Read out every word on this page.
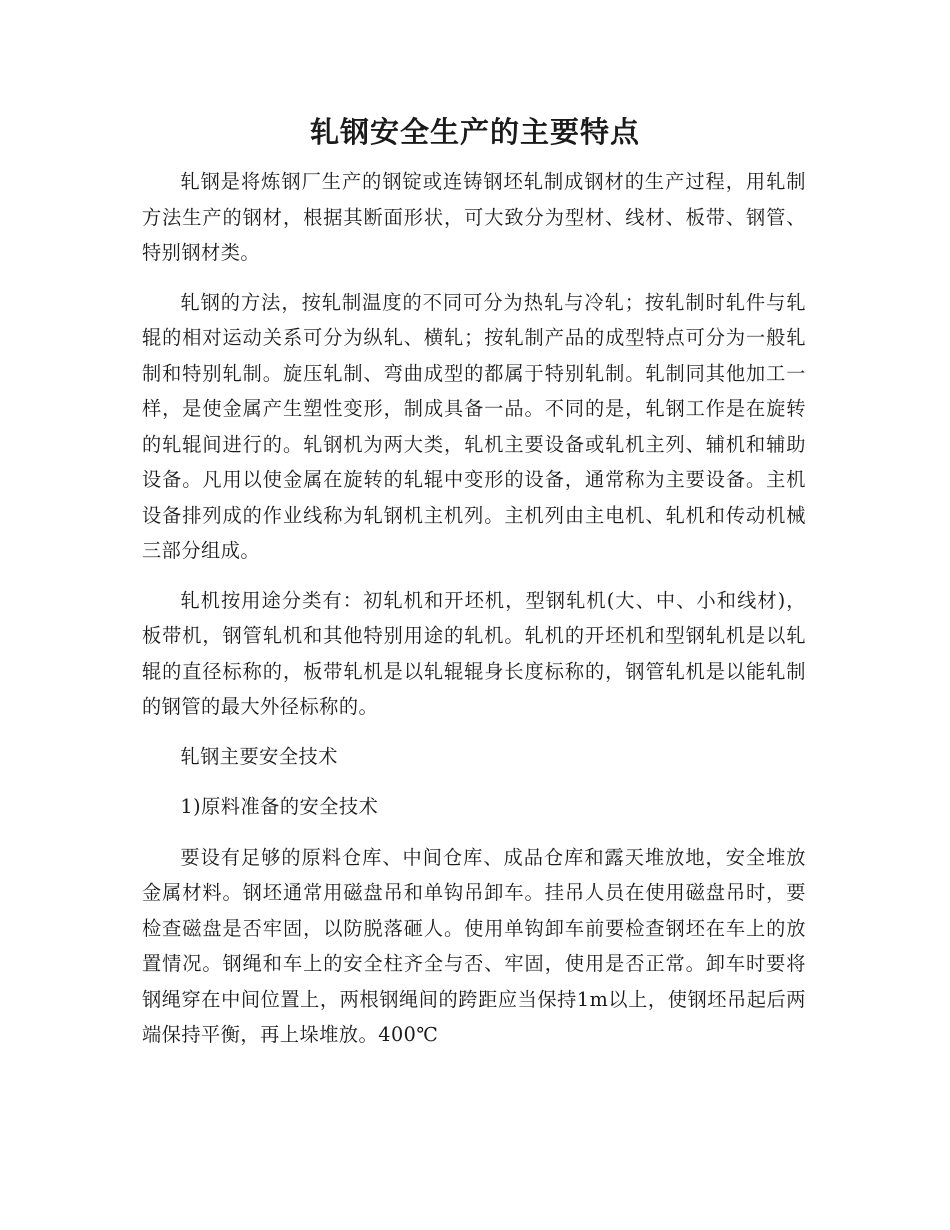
轧钢安全生产的主要特点

轧钢是将炼钢厂生产的钢锭或连铸钢坯轧制成钢材的生产过程，用轧制方法生产的钢材，根据其断面形状，可大致分为型材、线材、板带、钢管、特别钢材类。

轧钢的方法，按轧制温度的不同可分为热轧与冷轧；按轧制时轧件与轧辊的相对运动关系可分为纵轧、横轧；按轧制产品的成型特点可分为一般轧制和特别轧制。旋压轧制、弯曲成型的都属于特别轧制。轧制同其他加工一样，是使金属产生塑性变形，制成具备一品。不同的是，轧钢工作是在旋转的轧辊间进行的。轧钢机为两大类，轧机主要设备或轧机主列、辅机和辅助设备。凡用以使金属在旋转的轧辊中变形的设备，通常称为主要设备。主机设备排列成的作业线称为轧钢机主机列。主机列由主电机、轧机和传动机械三部分组成。

轧机按用途分类有：初轧机和开坯机，型钢轧机(大、中、小和线材)，板带机，钢管轧机和其他特别用途的轧机。轧机的开坯机和型钢轧机是以轧辊的直径标称的，板带轧机是以轧辊辊身长度标称的，钢管轧机是以能轧制的钢管的最大外径标称的。

轧钢主要安全技术

1)原料准备的安全技术

要设有足够的原料仓库、中间仓库、成品仓库和露天堆放地，安全堆放金属材料。钢坯通常用磁盘吊和单钩吊卸车。挂吊人员在使用磁盘吊时，要检查磁盘是否牢固，以防脱落砸人。使用单钩卸车前要检查钢坯在车上的放置情况。钢绳和车上的安全柱齐全与否、牢固，使用是否正常。卸车时要将钢绳穿在中间位置上，两根钢绳间的跨距应当保持1m以上，使钢坯吊起后两端保持平衡，再上垛堆放。400℃
